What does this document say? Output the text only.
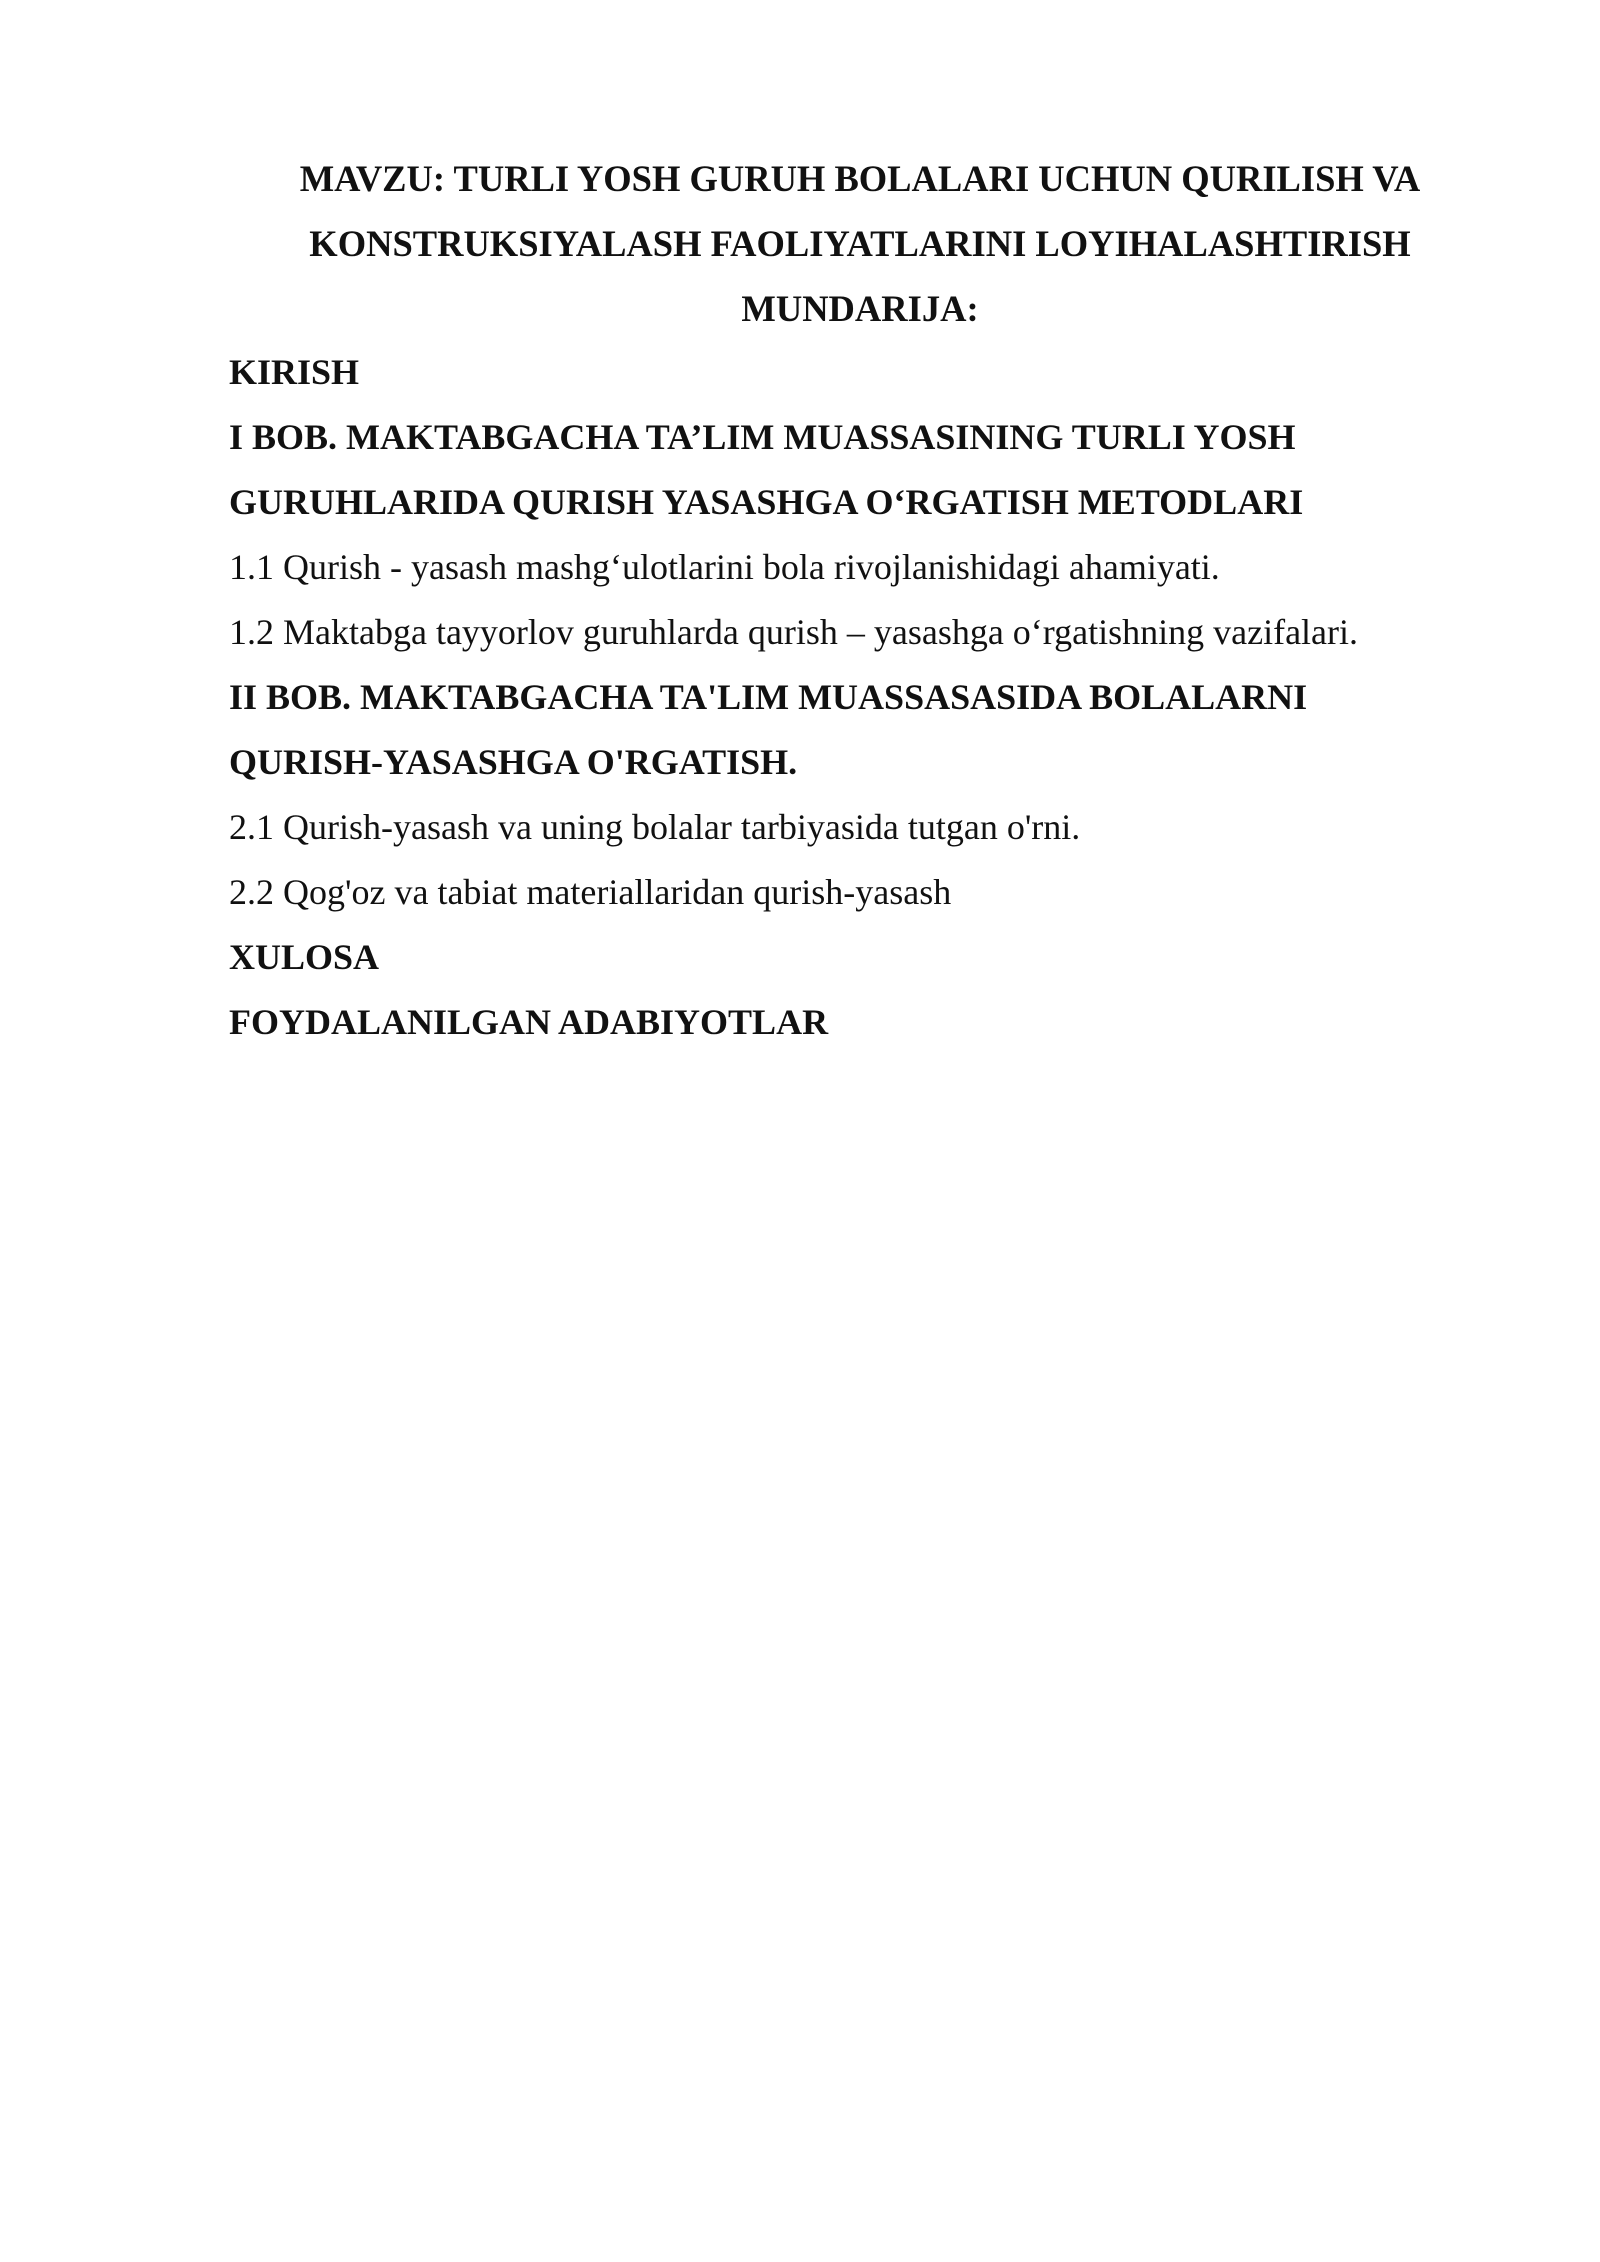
MAVZU: TURLI YOSH GURUH BOLALARI UCHUN QURILISH VA
KONSTRUKSIYALASH FAOLIYATLARINI LOYIHALASHTIRISH
MUNDARIJA:
KIRISH
I BOB. MAKTABGACHA TA’LIM MUASSASINING TURLI YOSH
GURUHLARIDA QURISH YASASHGA O‘RGATISH METODLARI
1.1 Qurish - yasash mashg‘ulotlarini bola rivojlanishidagi ahamiyati.
1.2 Maktabga tayyorlov guruhlarda qurish – yasashga o‘rgatishning vazifalari.
II BOB. MAKTABGACHA TA'LIM MUASSASASIDA BOLALARNI
QURISH-YASASHGA O'RGATISH.
2.1 Qurish-yasash va uning bolalar tarbiyasida tutgan o'rni.
2.2 Qog'oz va tabiat materiallaridan qurish-yasash
XULOSA
FOYDALANILGAN ADABIYOTLAR
